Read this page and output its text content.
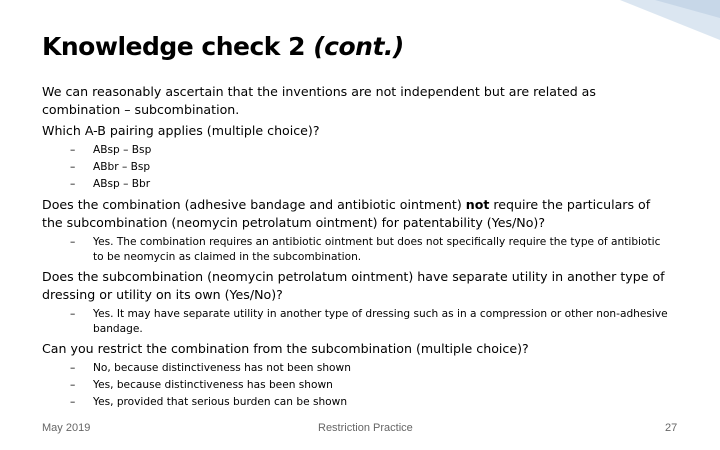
Knowledge check 2 (cont.)

We can reasonably ascertain that the inventions are not independent but are related as combination – subcombination.

Which A-B pairing applies (multiple choice)?

– ABsp – Bsp
– ABbr – Bsp
– ABsp – Bbr

Does the combination (adhesive bandage and antibiotic ointment) not require the particulars of the subcombination (neomycin petrolatum ointment) for patentability (Yes/No)?

– Yes. The combination requires an antibiotic ointment but does not specifically require the type of antibiotic to be neomycin as claimed in the subcombination.

Does the subcombination (neomycin petrolatum ointment) have separate utility in another type of dressing or utility on its own (Yes/No)?

– Yes. It may have separate utility in another type of dressing such as in a compression or other non-adhesive bandage.

Can you restrict the combination from the subcombination (multiple choice)?

– No, because distinctiveness has not been shown
– Yes, because distinctiveness has been shown
– Yes, provided that serious burden can be shown
May 2019	Restriction Practice	27
